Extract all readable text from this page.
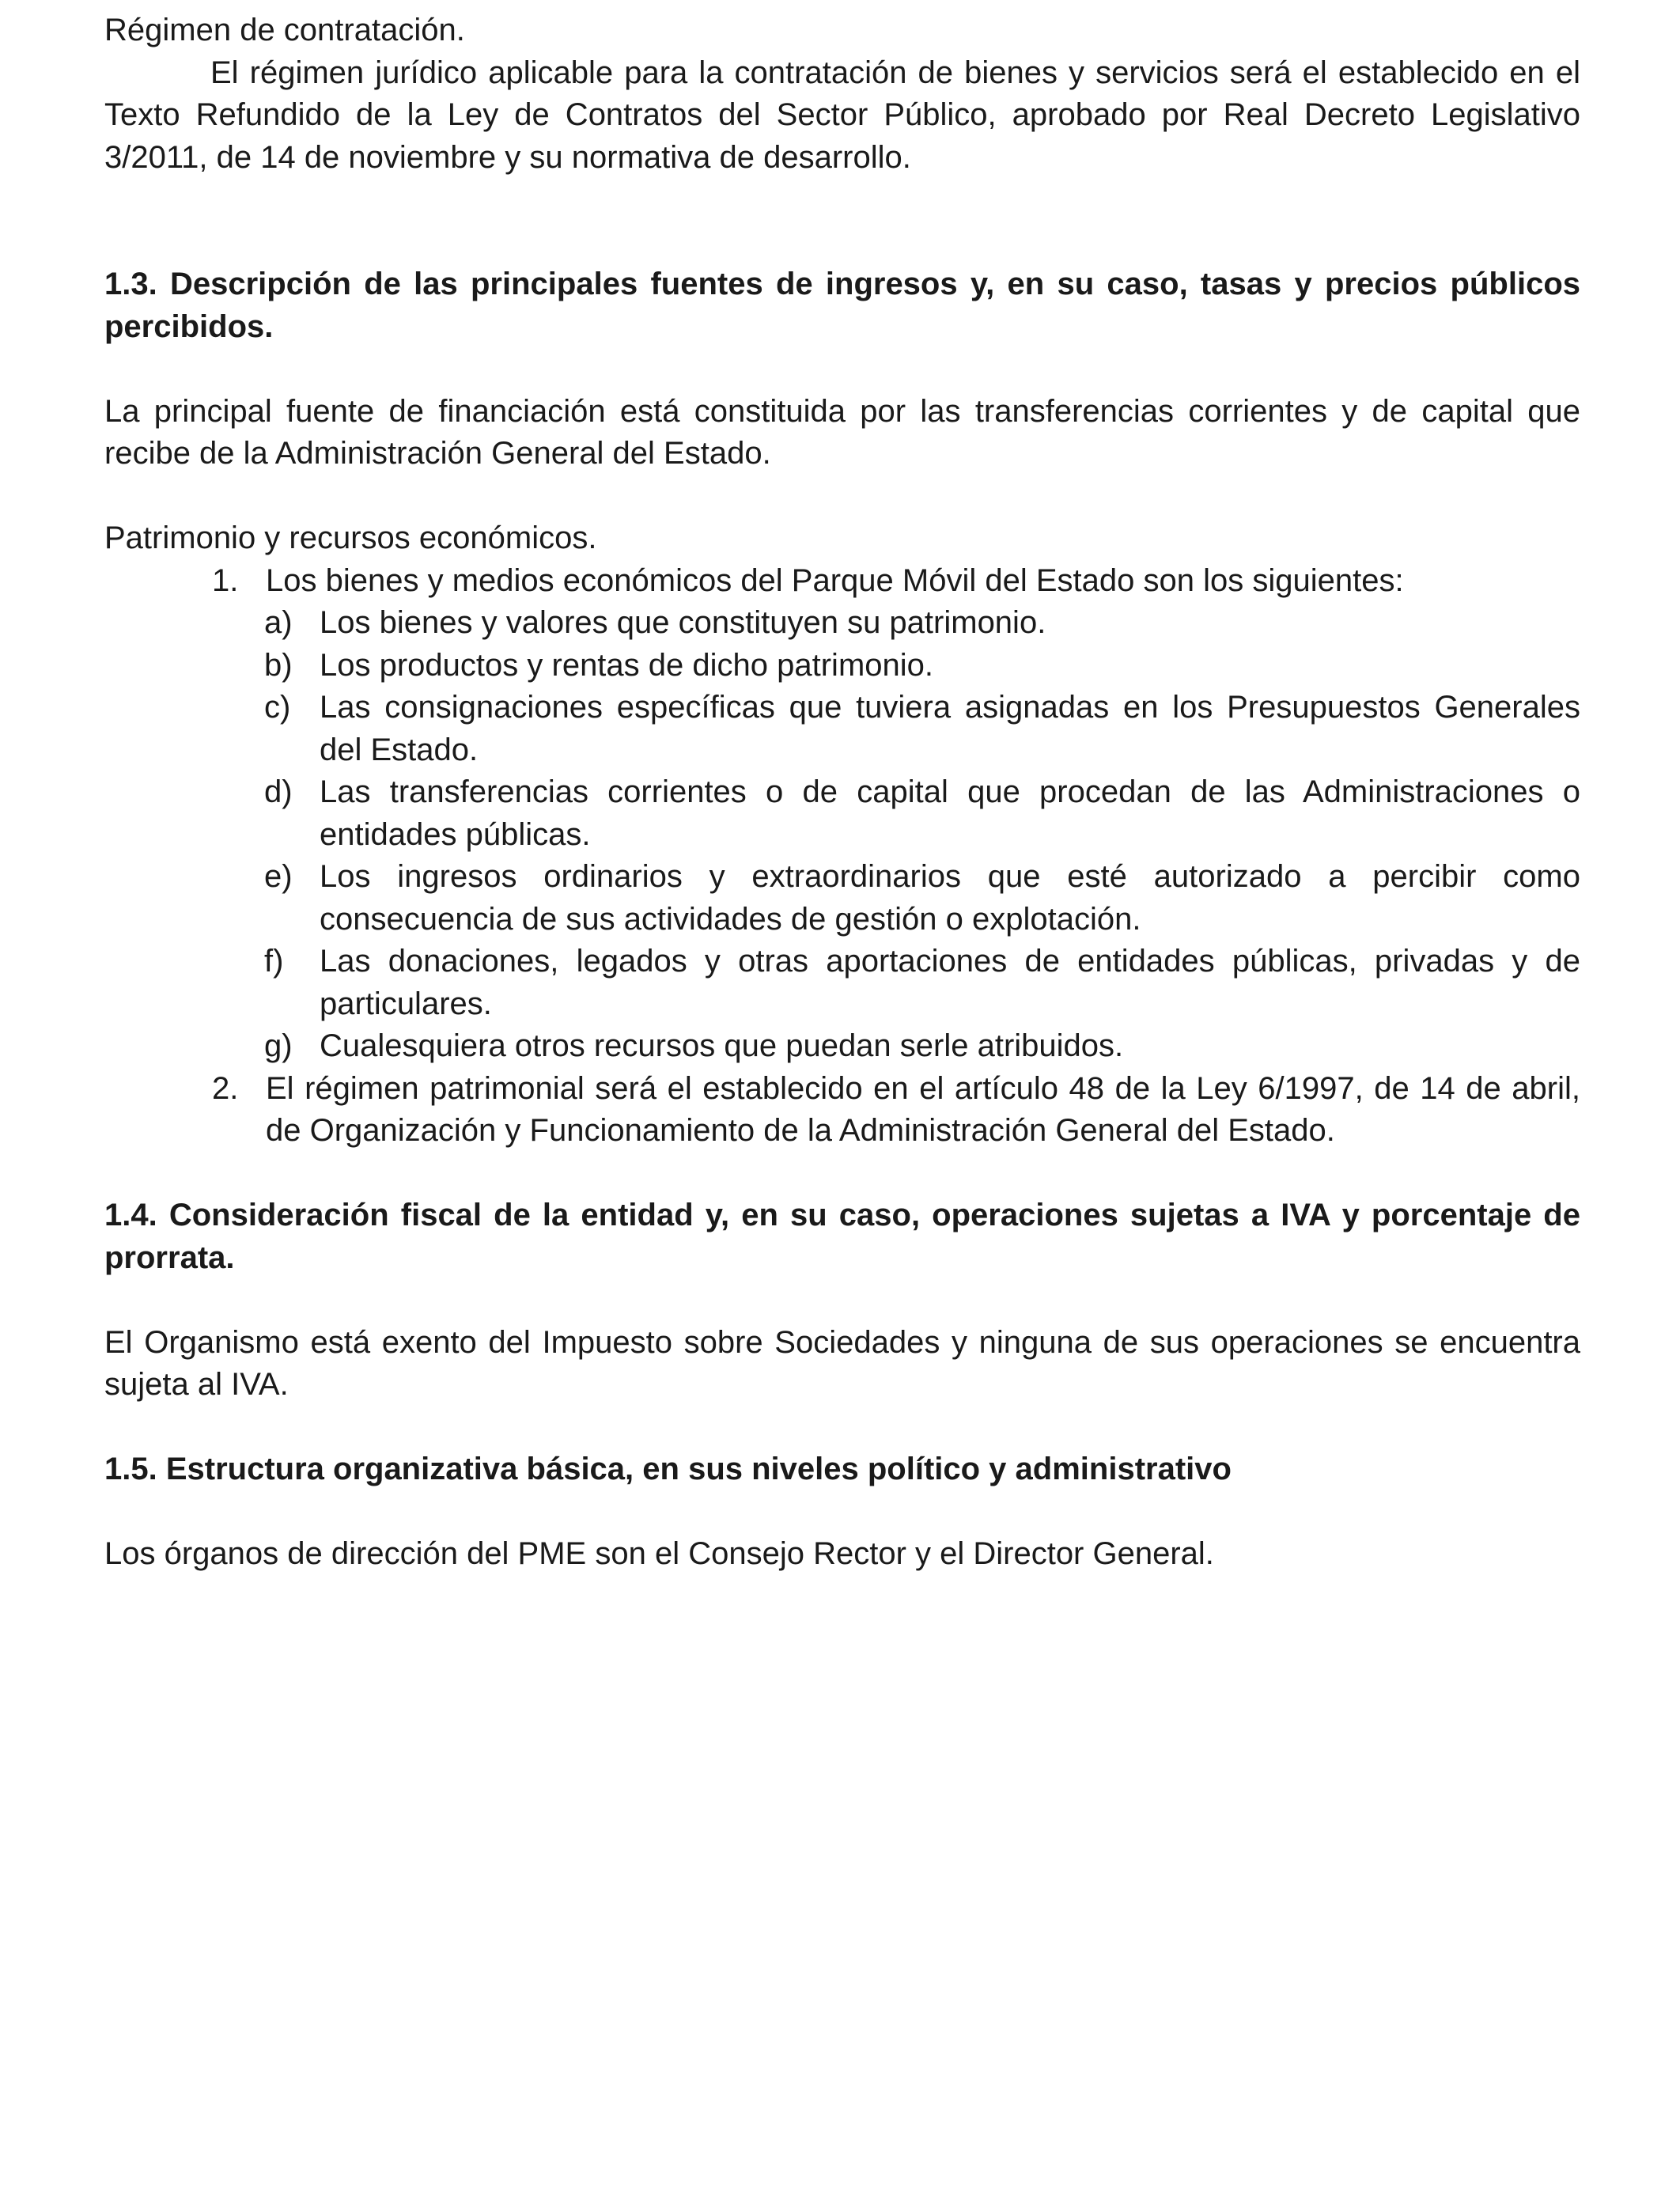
Régimen de contratación.

El régimen jurídico aplicable para la contratación de bienes y servicios será el establecido en el Texto Refundido de la Ley de Contratos del Sector Público, aprobado por Real Decreto Legislativo 3/2011, de 14 de noviembre y su normativa de desarrollo.

1.3. Descripción de las principales fuentes de ingresos y, en su caso, tasas y precios públicos percibidos.

La principal fuente de financiación está constituida por las transferencias corrientes y de capital que recibe de la Administración General del Estado.

Patrimonio y recursos económicos.

1. Los bienes y medios económicos del Parque Móvil del Estado son los siguientes:

a) Los bienes y valores que constituyen su patrimonio.

b) Los productos y rentas de dicho patrimonio.

c) Las consignaciones específicas que tuviera asignadas en los Presupuestos Generales del Estado.

d) Las transferencias corrientes o de capital que procedan de las Administraciones o entidades públicas.

e) Los ingresos ordinarios y extraordinarios que esté autorizado a percibir como consecuencia de sus actividades de gestión o explotación.

f)	Las donaciones, legados y otras aportaciones de entidades públicas, privadas y de particulares.

g) Cualesquiera otros recursos que puedan serle atribuidos.

2. El régimen patrimonial será el establecido en el artículo 48 de la Ley 6/1997, de 14 de abril, de Organización y Funcionamiento de la Administración General del Estado.

1.4. Consideración fiscal de la entidad y, en su caso, operaciones sujetas a IVA y porcentaje de prorrata.

El Organismo está exento del Impuesto sobre Sociedades y ninguna de sus operaciones se encuentra sujeta al IVA.

1.5. Estructura organizativa básica, en sus niveles político y administrativo

Los órganos de dirección del PME son el Consejo Rector y el Director General.
